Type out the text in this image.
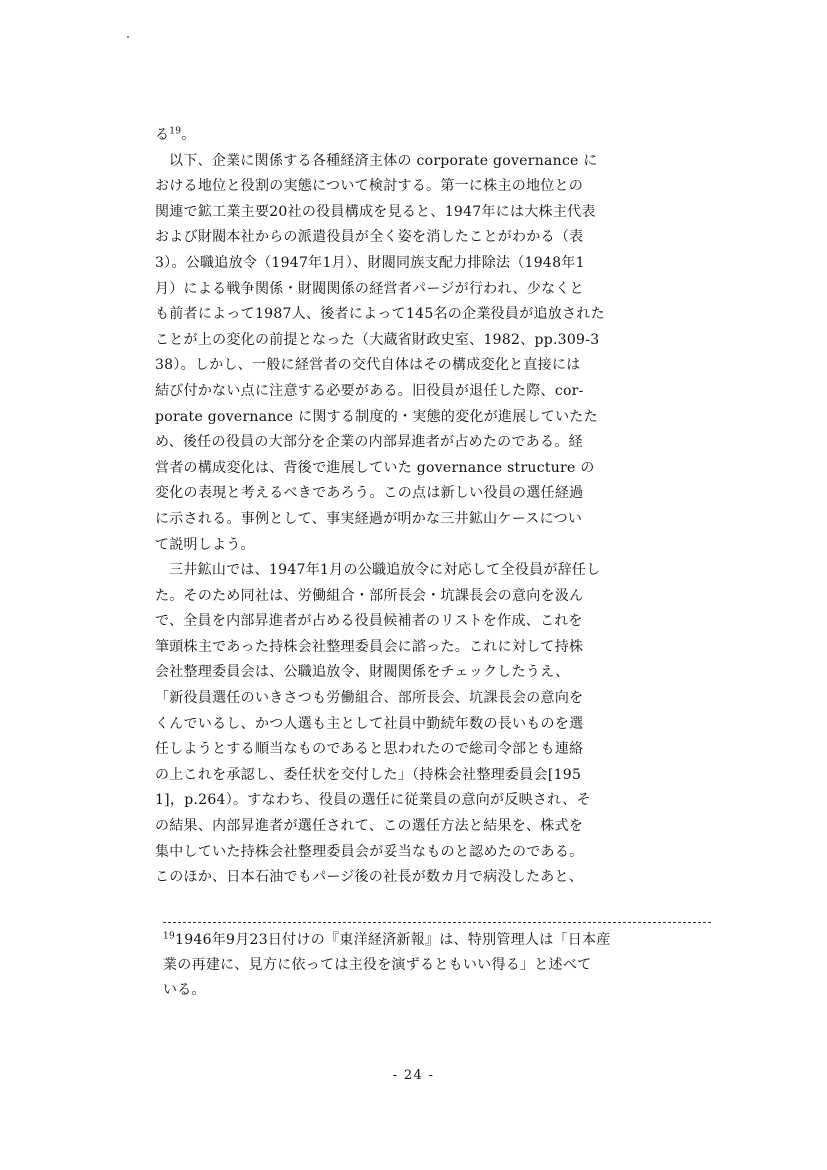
る$^{19}$。
以下、企業に関係する各種経済主体の corporate governance に
おける地位と役割の実態について検討する。第一に株主の地位との
関連で鉱工業主要20社の役員構成を見ると、1947年には大株主代表
および財閥本社からの派遣役員が全く姿を消したことがわかる（表
3）。公職追放令（1947年1月）、財閥同族支配力排除法（1948年1
月）による戦争関係・財閥関係の経営者パージが行われ、少なくと
も前者によって1987人、後者によって145名の企業役員が追放された
ことが上の変化の前提となった（大蔵省財政史室、1982、pp.309-3
38）。しかし、一般に経営者の交代自体はその構成変化と直接には
結び付かない点に注意する必要がある。旧役員が退任した際、cor-
porate governance に関する制度的・実態的変化が進展していたた
め、後任の役員の大部分を企業の内部昇進者が占めたのである。経
営者の構成変化は、背後で進展していた governance structure の
変化の表現と考えるべきであろう。この点は新しい役員の選任経過
に示される。事例として、事実経過が明かな三井鉱山ケースについ
て説明しよう。
三井鉱山では、1947年1月の公職追放令に対応して全役員が辞任し
た。そのため同社は、労働組合・部所長会・坑課長会の意向を汲ん
で、全員を内部昇進者が占める役員候補者のリストを作成、これを
筆頭株主であった持株会社整理委員会に諮った。これに対して持株
会社整理委員会は、公職追放令、財閥関係をチェックしたうえ、
「新役員選任のいきさつも労働組合、部所長会、坑課長会の意向を
くんでいるし、かつ人選も主として社員中勤続年数の長いものを選
任しようとする順当なものであると思われたので総司令部とも連絡
の上これを承認し、委任状を交付した」（持株会社整理委員会[195
1]，p.264）。すなわち、役員の選任に従業員の意向が反映され、そ
の結果、内部昇進者が選任されて、この選任方法と結果を、株式を
集中していた持株会社整理委員会が妥当なものと認めたのである。
このほか、日本石油でもパージ後の社長が数カ月で病没したあと、
$^{19}$1946年9月23日付けの『東洋経済新報』は、特別管理人は「日本産
業の再建に、見方に依っては主役を演ずるともいい得る」と述べて
いる。
- 24 -
